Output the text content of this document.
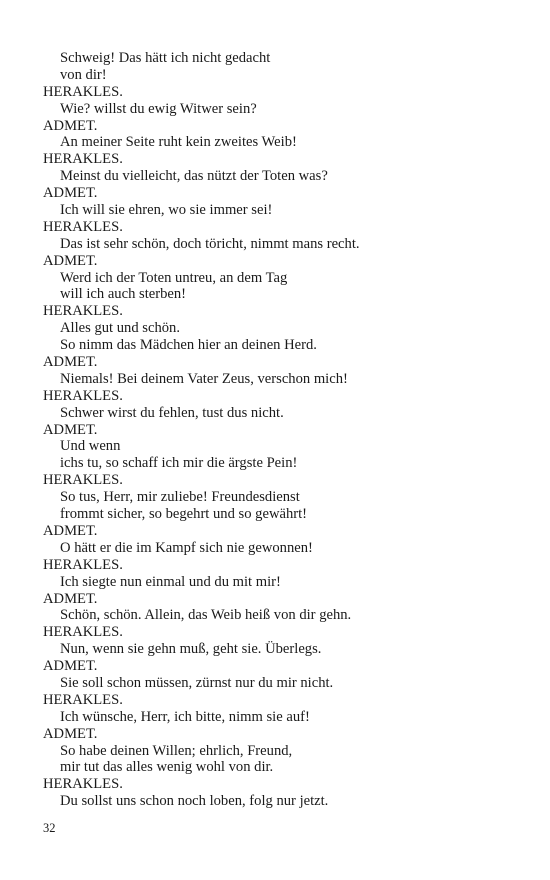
Schweig! Das hätt ich nicht gedacht
von dir!
HERAKLES.
Wie? willst du ewig Witwer sein?
ADMET.
An meiner Seite ruht kein zweites Weib!
HERAKLES.
Meinst du vielleicht, das nützt der Toten was?
ADMET.
Ich will sie ehren, wo sie immer sei!
HERAKLES.
Das ist sehr schön, doch töricht, nimmt mans recht.
ADMET.
Werd ich der Toten untreu, an dem Tag
will ich auch sterben!
HERAKLES.
Alles gut und schön.
So nimm das Mädchen hier an deinen Herd.
ADMET.
Niemals! Bei deinem Vater Zeus, verschon mich!
HERAKLES.
Schwer wirst du fehlen, tust dus nicht.
ADMET.
Und wenn
ichs tu, so schaff ich mir die ärgste Pein!
HERAKLES.
So tus, Herr, mir zuliebe! Freundesdienst
frommt sicher, so begehrt und so gewährt!
ADMET.
O hätt er die im Kampf sich nie gewonnen!
HERAKLES.
Ich siegte nun einmal und du mit mir!
ADMET.
Schön, schön. Allein, das Weib heiß von dir gehn.
HERAKLES.
Nun, wenn sie gehn muß, geht sie. Überlegs.
ADMET.
Sie soll schon müssen, zürnst nur du mir nicht.
HERAKLES.
Ich wünsche, Herr, ich bitte, nimm sie auf!
ADMET.
So habe deinen Willen; ehrlich, Freund,
mir tut das alles wenig wohl von dir.
HERAKLES.
Du sollst uns schon noch loben, folg nur jetzt.
32
